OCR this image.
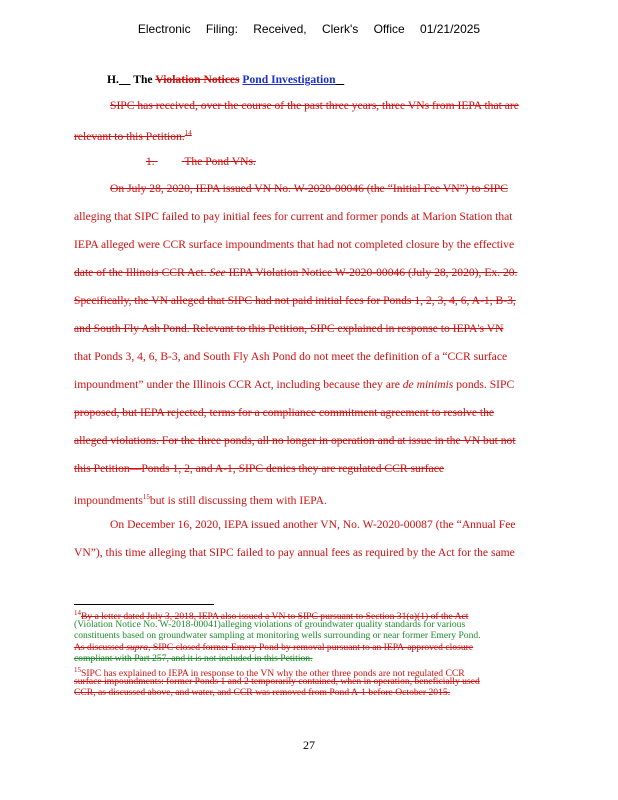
Electronic Filing: Received, Clerk's Office 01/21/2025
H. The Violation Notices Pond Investigation
SIPC has received, over the course of the past three years, three VNs from IEPA that are
relevant to this Petition.$^{14}$
1.	The Pond VNs.
On July 28, 2020, IEPA issued VN No. W-2020-00046 (the “Initial Fee VN”) to SIPC
alleging that SIPC failed to pay initial fees for current and former ponds at Marion Station that
IEPA alleged were CCR surface impoundments that had not completed closure by the effective
date of the Illinois CCR Act. See IEPA Violation Notice W-2020-00046 (July 28, 2020), Ex. 20.
Specifically, the VN alleged that SIPC had not paid initial fees for Ponds 1, 2, 3, 4, 6, A-1, B-3,
and South Fly Ash Pond. Relevant to this Petition, SIPC explained in response to IEPA's VN
that Ponds 3, 4, 6, B-3, and South Fly Ash Pond do not meet the definition of a “CCR surface
impoundment” under the Illinois CCR Act, including because they are de minimis ponds. SIPC
proposed, but IEPA rejected, terms for a compliance commitment agreement to resolve the
alleged violations. For the three ponds, all no longer in operation and at issue in the VN but not
this Petition—Ponds 1, 2, and A-1, SIPC denies they are regulated CCR surface
impoundments$^{15}$but is still discussing them with IEPA.
On December 16, 2020, IEPA issued another VN, No. W-2020-00087 (the “Annual Fee
VN”), this time alleging that SIPC failed to pay annual fees as required by the Act for the same
$^{14}$By a letter dated July 3, 2018, IEPA also issued a VN to SIPC pursuant to Section 31(a)(1) of the Act
(Violation Notice No. W-2018-00041)alleging violations of groundwater quality standards for various
constituents based on groundwater sampling at monitoring wells surrounding or near former Emery Pond.
As discussed supra, SIPC closed former Emery Pond by removal pursuant to an IEPA-approved closure
compliant with Part 257, and it is not included in this Petition.
$^{15}$SIPC has explained to IEPA in response to the VN why the other three ponds are not regulated CCR
surface impoundments: former Ponds 1 and 2 temporarily contained, when in operation, beneficially used
CCR, as discussed above, and water, and CCR was removed from Pond A-1 before October 2015.
27
